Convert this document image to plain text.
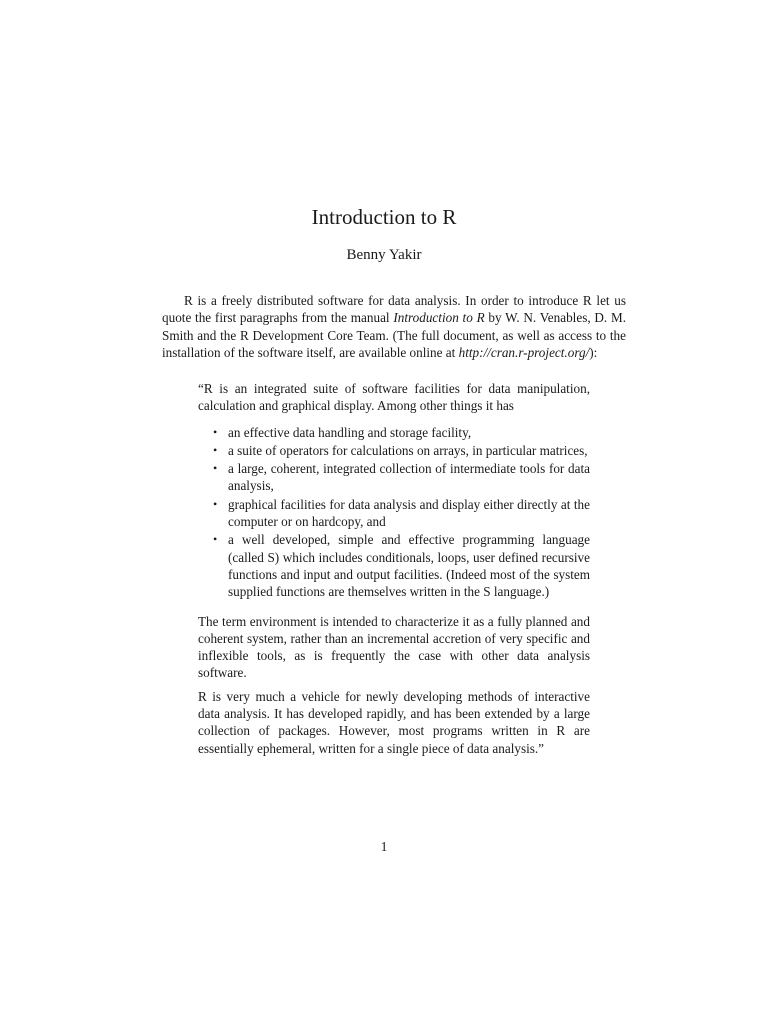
Introduction to R
Benny Yakir

R is a freely distributed software for data analysis. In order to introduce R let us quote the first paragraphs from the manual Introduction to R by W. N. Venables, D. M. Smith and the R Development Core Team. (The full document, as well as access to the installation of the software itself, are available online at http://cran.r-project.org/):

“R is an integrated suite of software facilities for data manipulation, calculation and graphical display. Among other things it has

• an effective data handling and storage facility,
• a suite of operators for calculations on arrays, in particular matrices,
• a large, coherent, integrated collection of intermediate tools for data analysis,
• graphical facilities for data analysis and display either directly at the computer or on hardcopy, and
• a well developed, simple and effective programming language (called S) which includes conditionals, loops, user defined recursive functions and input and output facilities. (Indeed most of the system supplied functions are themselves written in the S language.)

The term environment is intended to characterize it as a fully planned and coherent system, rather than an incremental accretion of very specific and inflexible tools, as is frequently the case with other data analysis software.

R is very much a vehicle for newly developing methods of interactive data analysis. It has developed rapidly, and has been extended by a large collection of packages. However, most programs written in R are essentially ephemeral, written for a single piece of data analysis.”

1
